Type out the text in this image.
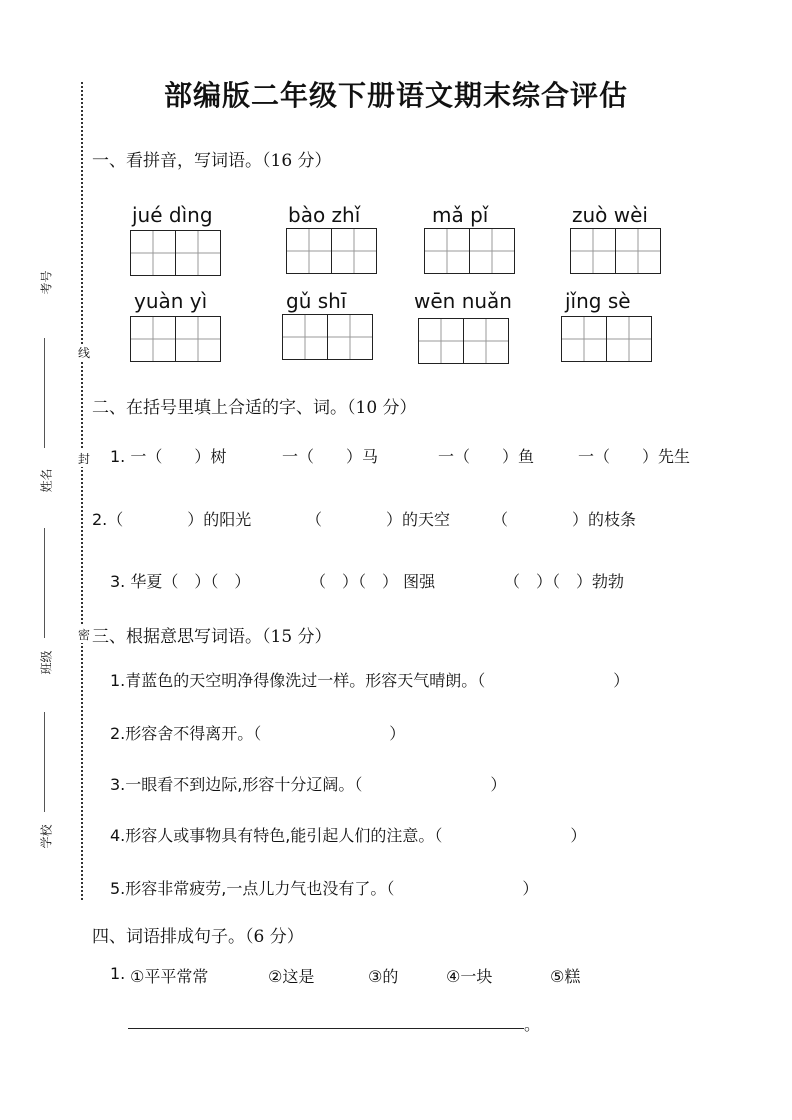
部编版二年级下册语文期末综合评估
考号
姓名
班级
学校
线
封
密
一、看拼音，写词语。（16 分）
jué dìng	bào zhǐ	mǎ pǐ	zuò wèi
yuàn yì	gǔ shī	wēn nuǎn	jǐng sè
二、在括号里填上合适的字、词。（10 分）
1. 一（　　）树	一（　　）马	一（　　）鱼	一（　　）先生
2.（　　　　）的阳光	（　　　　）的天空	（　　　　）的枝条
3. 华夏（　）（　）	（　）（　） 图强	（　）（　）勃勃
三、根据意思写词语。（15 分）
1.青蓝色的天空明净得像洗过一样。形容天气晴朗。（　　　　　　　　）
2.形容舍不得离开。（　　　　　　　　）
3.一眼看不到边际,形容十分辽阔。（　　　　　　　　）
4.形容人或事物具有特色,能引起人们的注意。（　　　　　　　　）
5.形容非常疲劳,一点儿力气也没有了。（　　　　　　　　）
四、词语排成句子。（6 分）
1. ①平平常常	②这是	③的	④一块	⑤糕
。
